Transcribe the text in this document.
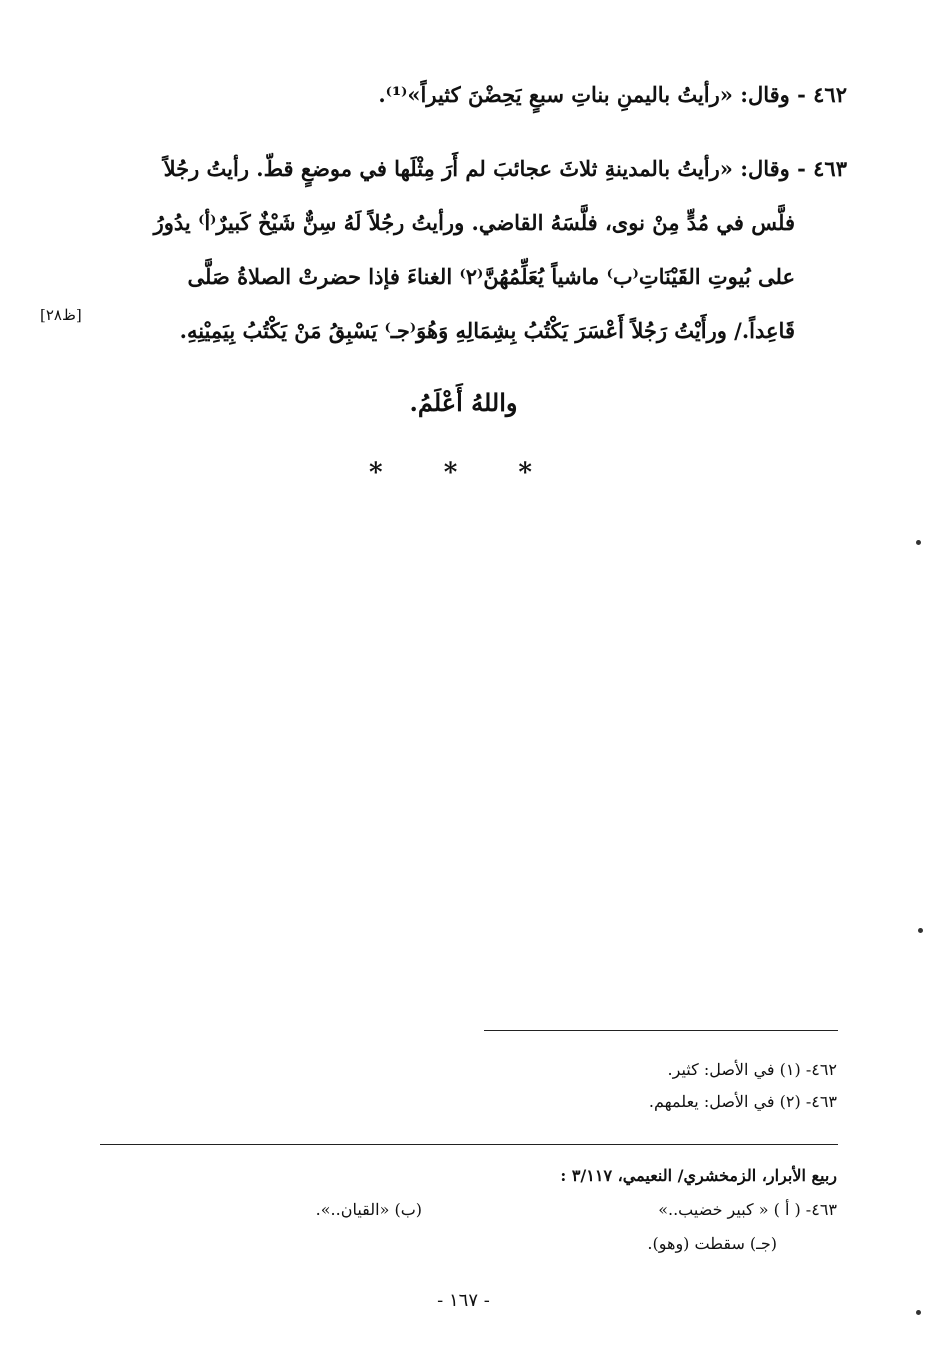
٤٦٢ - وقال: «رأيتُ باليمنِ بناتِ سبعٍ يَحِضْنَ كثيراً»⁽¹⁾.
٤٦٣ - وقال: «رأيتُ بالمدينةِ ثلاثَ عجائبَ لم أَرَ مِثْلَها في موضعٍ قطّ. رأيتُ رجُلاً
فلَّس في مُدٍّ مِنْ نوى، فلَّسَهُ القاضي. ورأيتُ رجُلاً لَهُ سِنٌّ شَيْخٌ كَبيرٌ⁽أ⁾ يدُورُ
على بُيوتِ القَيْنَاتِ⁽ب⁾ ماشياً يُعَلِّمُهُنَّ⁽٢⁾ الغناءَ فإذا حضرتْ الصلاةُ صَلَّى
قَاعِداً./ ورأَيْتُ رَجُلاً أَعْسَرَ يَكْتُبُ بِشِمَالِهِ وَهُوَ⁽جـ⁾ يَسْبِقُ مَنْ يَكْتُبُ بِيَمِيْنِهِ.
[ظ٢٨]
واللهُ أَعْلَمُ.
* * *
٤٦٢- (١) في الأصل: كثير.
٤٦٣- (٢) في الأصل: يعلمهم.
ربيع الأبرار، الزمخشري/ النعيمي، ٣/١١٧ :
٤٦٣- ( أ ) « كبير خضيب..»
(ب) «القيان..».
(جـ) سقطت (وهو).
- ١٦٧ -
